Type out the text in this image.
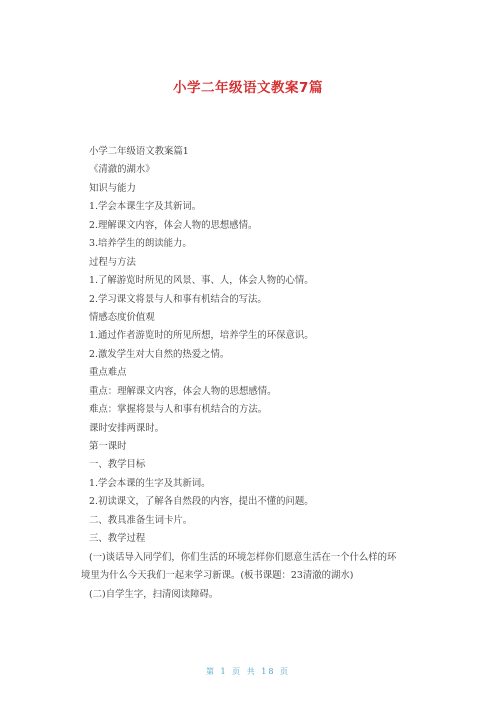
小学二年级语文教案7篇
小学二年级语文教案篇1
《清澈的湖水》
知识与能力
1.学会本课生字及其新词。
2.理解课文内容，体会人物的思想感情。
3.培养学生的朗读能力。
过程与方法
1.了解游览时所见的风景、事、人，体会人物的心情。
2.学习课文将景与人和事有机结合的写法。
情感态度价值观
1.通过作者游览时的所见所想，培养学生的环保意识。
2.激发学生对大自然的热爱之情。
重点难点
重点：理解课文内容，体会人物的思想感情。
难点：掌握将景与人和事有机结合的方法。
课时安排两课时。
第一课时
一、教学目标
1.学会本课的生字及其新词。
2.初读课文，了解各自然段的内容，提出不懂的问题。
二、教具准备生词卡片。
三、教学过程
(一)谈话导入同学们，你们生活的环境怎样你们愿意生活在一个什么样的环
境里为什么今天我们一起来学习新课。(板书课题：23清澈的湖水)
(二)自学生字，扫清阅读障碍。
第 1 页 共 18 页
